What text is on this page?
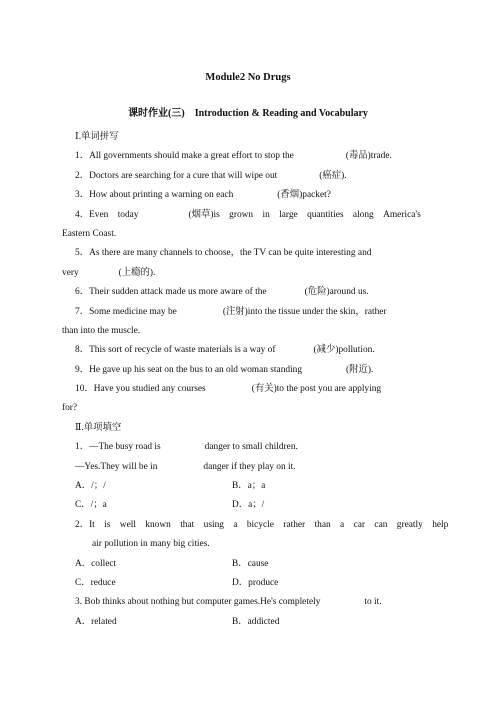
Module2 No Drugs
课时作业(三)　Introduction & Reading and Vocabulary
Ⅰ.单词拼写
1．All governments should make a great effort to stop the	(毒品)trade.
2．Doctors are searching for a cure that will wipe out	(癌症).
3．How about printing a warning on each	(香烟)packet?
4．Even　today	(烟草)is　grown　in　large　quantities　along　America's
Eastern Coast.
5．As there are many channels to choose，the TV can be quite interesting and
very	(上瘾的).
6．Their sudden attack made us more aware of the	(危险)around us.
7．Some medicine may be	(注射)into the tissue under the skin，rather
than into the muscle.
8．This sort of recycle of waste materials is a way of	(减少)pollution.
9．He gave up his seat on the bus to an old woman standing	(附近).
10．Have you studied any courses	(有关)to the post you are applying
for?
Ⅱ.单项填空
1．—The busy road is	danger to small children.
—Yes.They will be in	danger if they play on it.
A．/；/	B．a；a
C．/；a	D．a；/
2．It　is　well　known　that　using　a　bicycle　rather　than　a　car　can　greatly　help
air pollution in many big cities.
A．collect	B．cause
C．reduce	D．produce
3. Bob thinks about nothing but computer games.He's completely	to it.
A．related	B．addicted
